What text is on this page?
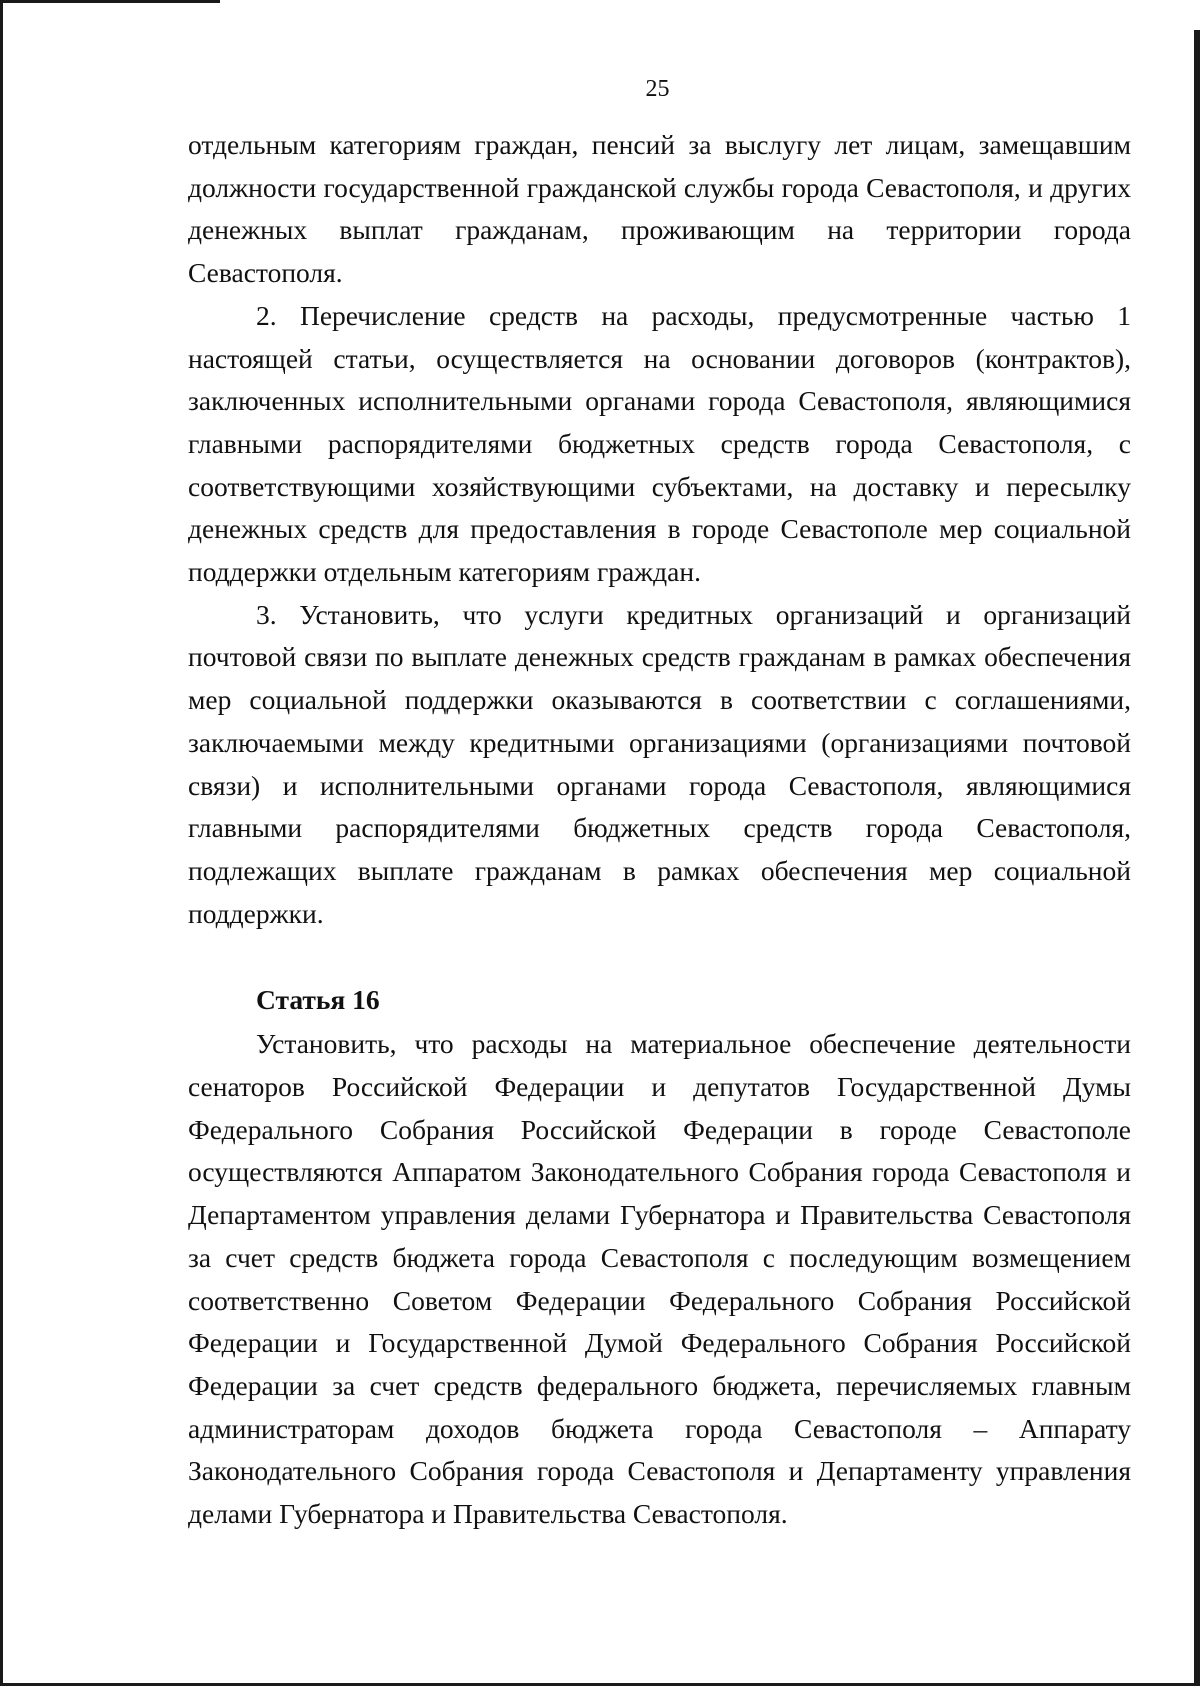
25

отдельным категориям граждан, пенсий за выслугу лет лицам, замещавшим должности государственной гражданской службы города Севастополя, и других денежных выплат гражданам, проживающим на территории города Севастополя.

2. Перечисление средств на расходы, предусмотренные частью 1 настоящей статьи, осуществляется на основании договоров (контрактов), заключенных исполнительными органами города Севастополя, являющимися главными распорядителями бюджетных средств города Севастополя, с соответствующими хозяйствующими субъектами, на доставку и пересылку денежных средств для предоставления в городе Севастополе мер социальной поддержки отдельным категориям граждан.

3. Установить, что услуги кредитных организаций и организаций почтовой связи по выплате денежных средств гражданам в рамках обеспечения мер социальной поддержки оказываются в соответствии с соглашениями, заключаемыми между кредитными организациями (организациями почтовой связи) и исполнительными органами города Севастополя, являющимися главными распорядителями бюджетных средств города Севастополя, подлежащих выплате гражданам в рамках обеспечения мер социальной поддержки.

Статья 16

Установить, что расходы на материальное обеспечение деятельности сенаторов Российской Федерации и депутатов Государственной Думы Федерального Собрания Российской Федерации в городе Севастополе осуществляются Аппаратом Законодательного Собрания города Севастополя и Департаментом управления делами Губернатора и Правительства Севастополя за счет средств бюджета города Севастополя с последующим возмещением соответственно Советом Федерации Федерального Собрания Российской Федерации и Государственной Думой Федерального Собрания Российской Федерации за счет средств федерального бюджета, перечисляемых главным администраторам доходов бюджета города Севастополя – Аппарату Законодательного Собрания города Севастополя и Департаменту управления делами Губернатора и Правительства Севастополя.
